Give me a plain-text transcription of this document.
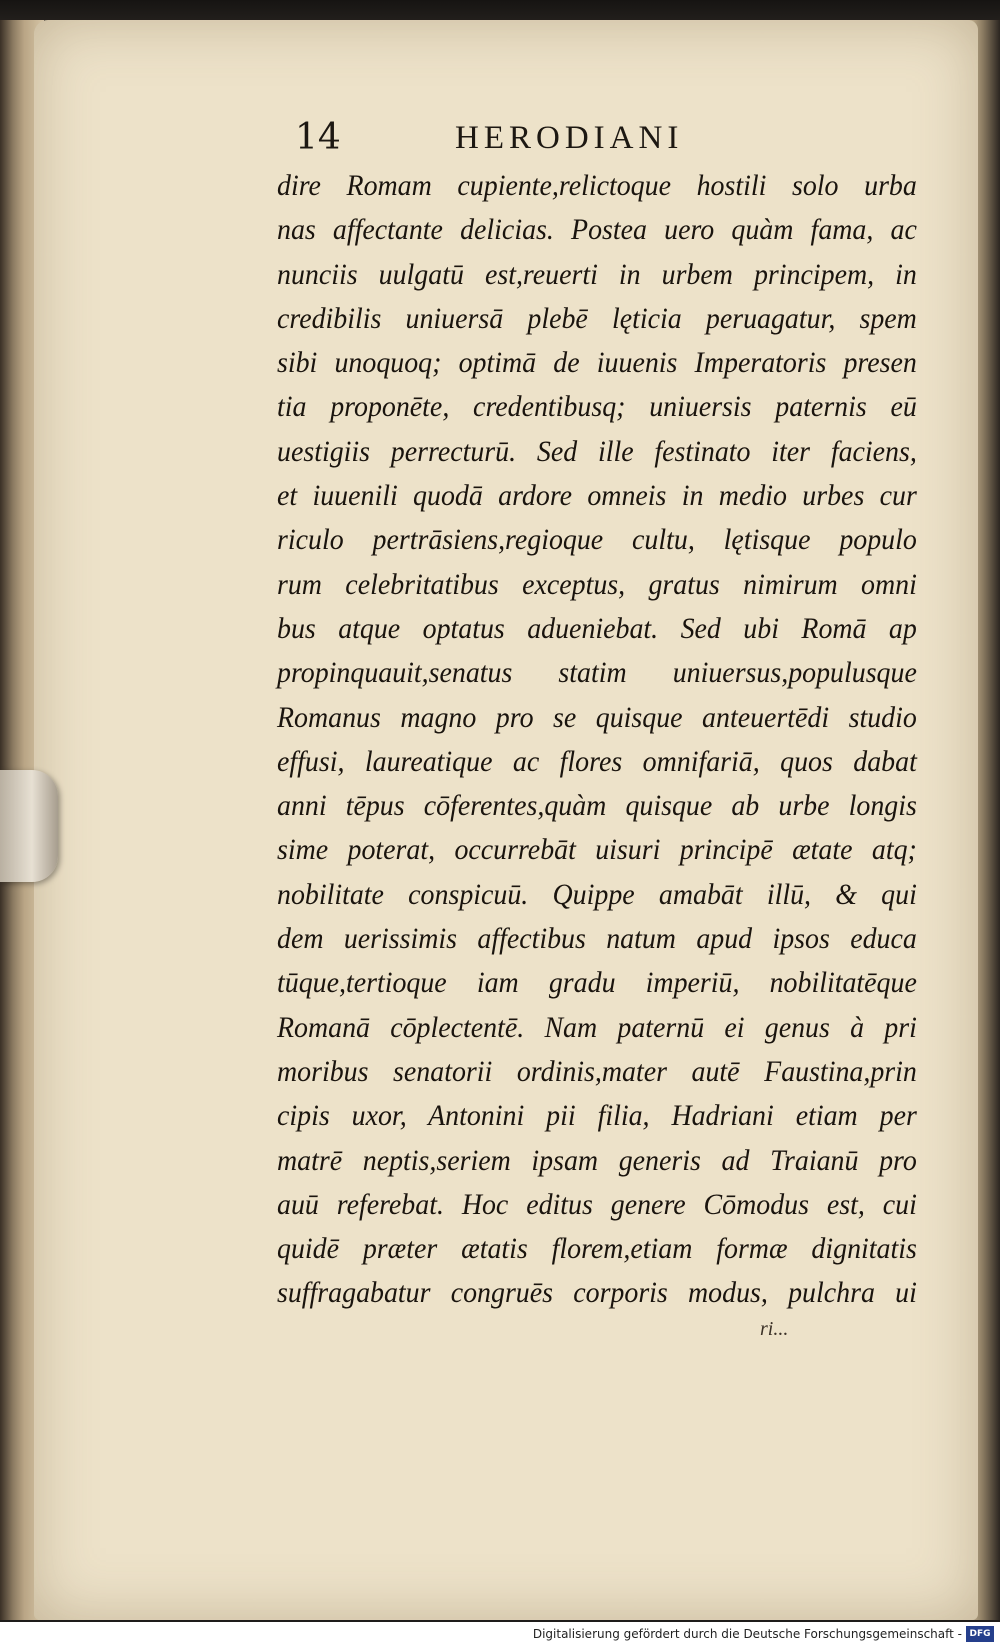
14	HERODIANI
dire Romam cupiente,relictoque hostili solo urba
nas affectante delicias. Postea uero quàm fama, ac
nunciis uulgatū est,reuerti in urbem principem, in
credibilis uniuersā plebē lęticia peruagatur, spem
sibi unoquoq; optimā de iuuenis Imperatoris presen
tia proponēte, credentibusq; uniuersis paternis eū
uestigiis perrecturū. Sed ille festinato iter faciens,
et iuuenili quodā ardore omneis in medio urbes cur
riculo pertrāsiens,regioque cultu, lętisque populo
rum celebritatibus exceptus, gratus nimirum omni
bus atque optatus adueniebat. Sed ubi Romā ap
propinquauit,senatus statim uniuersus,populusque
Romanus magno pro se quisque anteuertēdi studio
effusi, laureatique ac flores omnifariā, quos dabat
anni tēpus cōferentes,quàm quisque ab urbe longis
sime poterat, occurrebāt uisuri principē ætate atq;
nobilitate conspicuū. Quippe amabāt illū, & qui
dem uerissimis affectibus natum apud ipsos educa
tūque,tertioque iam gradu imperiū, nobilitatēque
Romanā cōplectentē. Nam paternū ei genus à pri
moribus senatorii ordinis,mater autē Faustina,prin
cipis uxor, Antonini pii filia, Hadriani etiam per
matrē neptis,seriem ipsam generis ad Traianū pro
auū referebat. Hoc editus genere Cōmodus est, cui
quidē præter ætatis florem,etiam formæ dignitatis
suffragabatur congruēs corporis modus, pulchra ui
ri...
Digitalisierung gefördert durch die Deutsche Forschungsgemeinschaft - DFG
